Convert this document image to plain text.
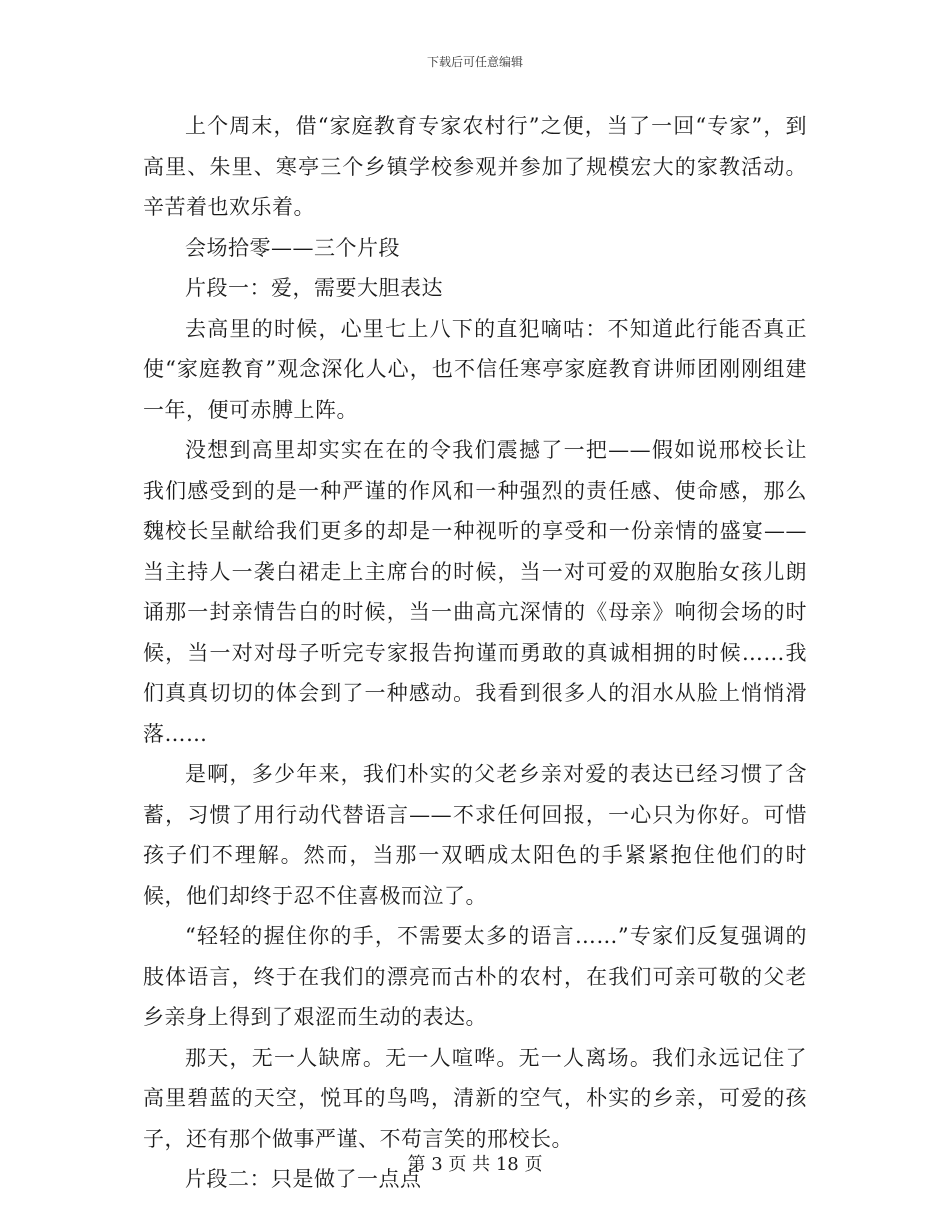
下载后可任意编辑

上个周末，借“家庭教育专家农村行”之便，当了一回“专家”，到高里、朱里、寒亭三个乡镇学校参观并参加了规模宏大的家教活动。辛苦着也欢乐着。

会场拾零——三个片段

片段一：爱，需要大胆表达

去高里的时候，心里七上八下的直犯嘀咕：不知道此行能否真正使“家庭教育”观念深化人心，也不信任寒亭家庭教育讲师团刚刚组建一年，便可赤膊上阵。

没想到高里却实实在在的令我们震撼了一把——假如说邢校长让我们感受到的是一种严谨的作风和一种强烈的责任感、使命感，那么魏校长呈献给我们更多的却是一种视听的享受和一份亲情的盛宴——当主持人一袭白裙走上主席台的时候，当一对可爱的双胞胎女孩儿朗诵那一封亲情告白的时候，当一曲高亢深情的《母亲》响彻会场的时候，当一对对母子听完专家报告拘谨而勇敢的真诚相拥的时候……我们真真切切的体会到了一种感动。我看到很多人的泪水从脸上悄悄滑落……

是啊，多少年来，我们朴实的父老乡亲对爱的表达已经习惯了含蓄，习惯了用行动代替语言——不求任何回报，一心只为你好。可惜孩子们不理解。然而，当那一双晒成太阳色的手紧紧抱住他们的时候，他们却终于忍不住喜极而泣了。

“轻轻的握住你的手，不需要太多的语言……”专家们反复强调的肢体语言，终于在我们的漂亮而古朴的农村，在我们可亲可敬的父老乡亲身上得到了艰涩而生动的表达。

那天，无一人缺席。无一人喧哗。无一人离场。我们永远记住了高里碧蓝的天空，悦耳的鸟鸣，清新的空气，朴实的乡亲，可爱的孩子，还有那个做事严谨、不苟言笑的邢校长。

片段二：只是做了一点点

第 3 页 共 18 页
